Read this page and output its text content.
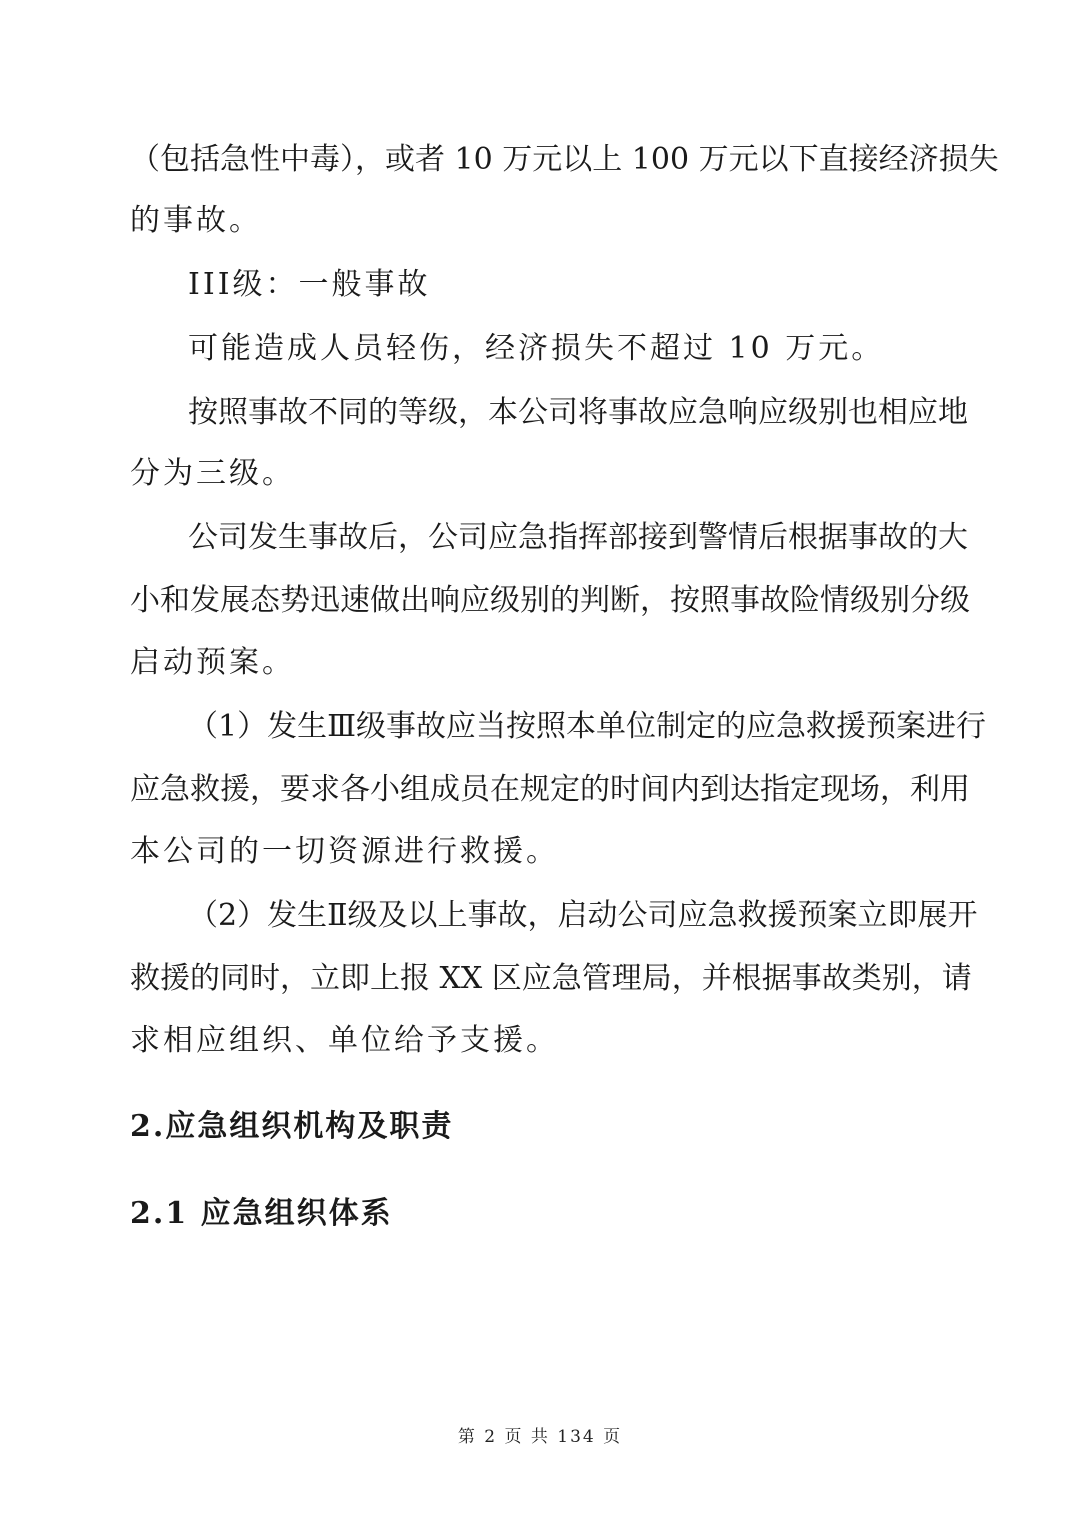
（包括急性中毒），或者 10 万元以上 100 万元以下直接经济损失
的事故。
III级：一般事故
可能造成人员轻伤，经济损失不超过 10 万元。
按照事故不同的等级，本公司将事故应急响应级别也相应地
分为三级。
公司发生事故后，公司应急指挥部接到警情后根据事故的大
小和发展态势迅速做出响应级别的判断，按照事故险情级别分级
启动预案。
（1）发生Ⅲ级事故应当按照本单位制定的应急救援预案进行
应急救援，要求各小组成员在规定的时间内到达指定现场，利用
本公司的一切资源进行救援。
（2）发生Ⅱ级及以上事故，启动公司应急救援预案立即展开
救援的同时，立即上报 XX 区应急管理局，并根据事故类别，请
求相应组织、单位给予支援。
2.应急组织机构及职责
2.1 应急组织体系
第 2 页 共 134 页
